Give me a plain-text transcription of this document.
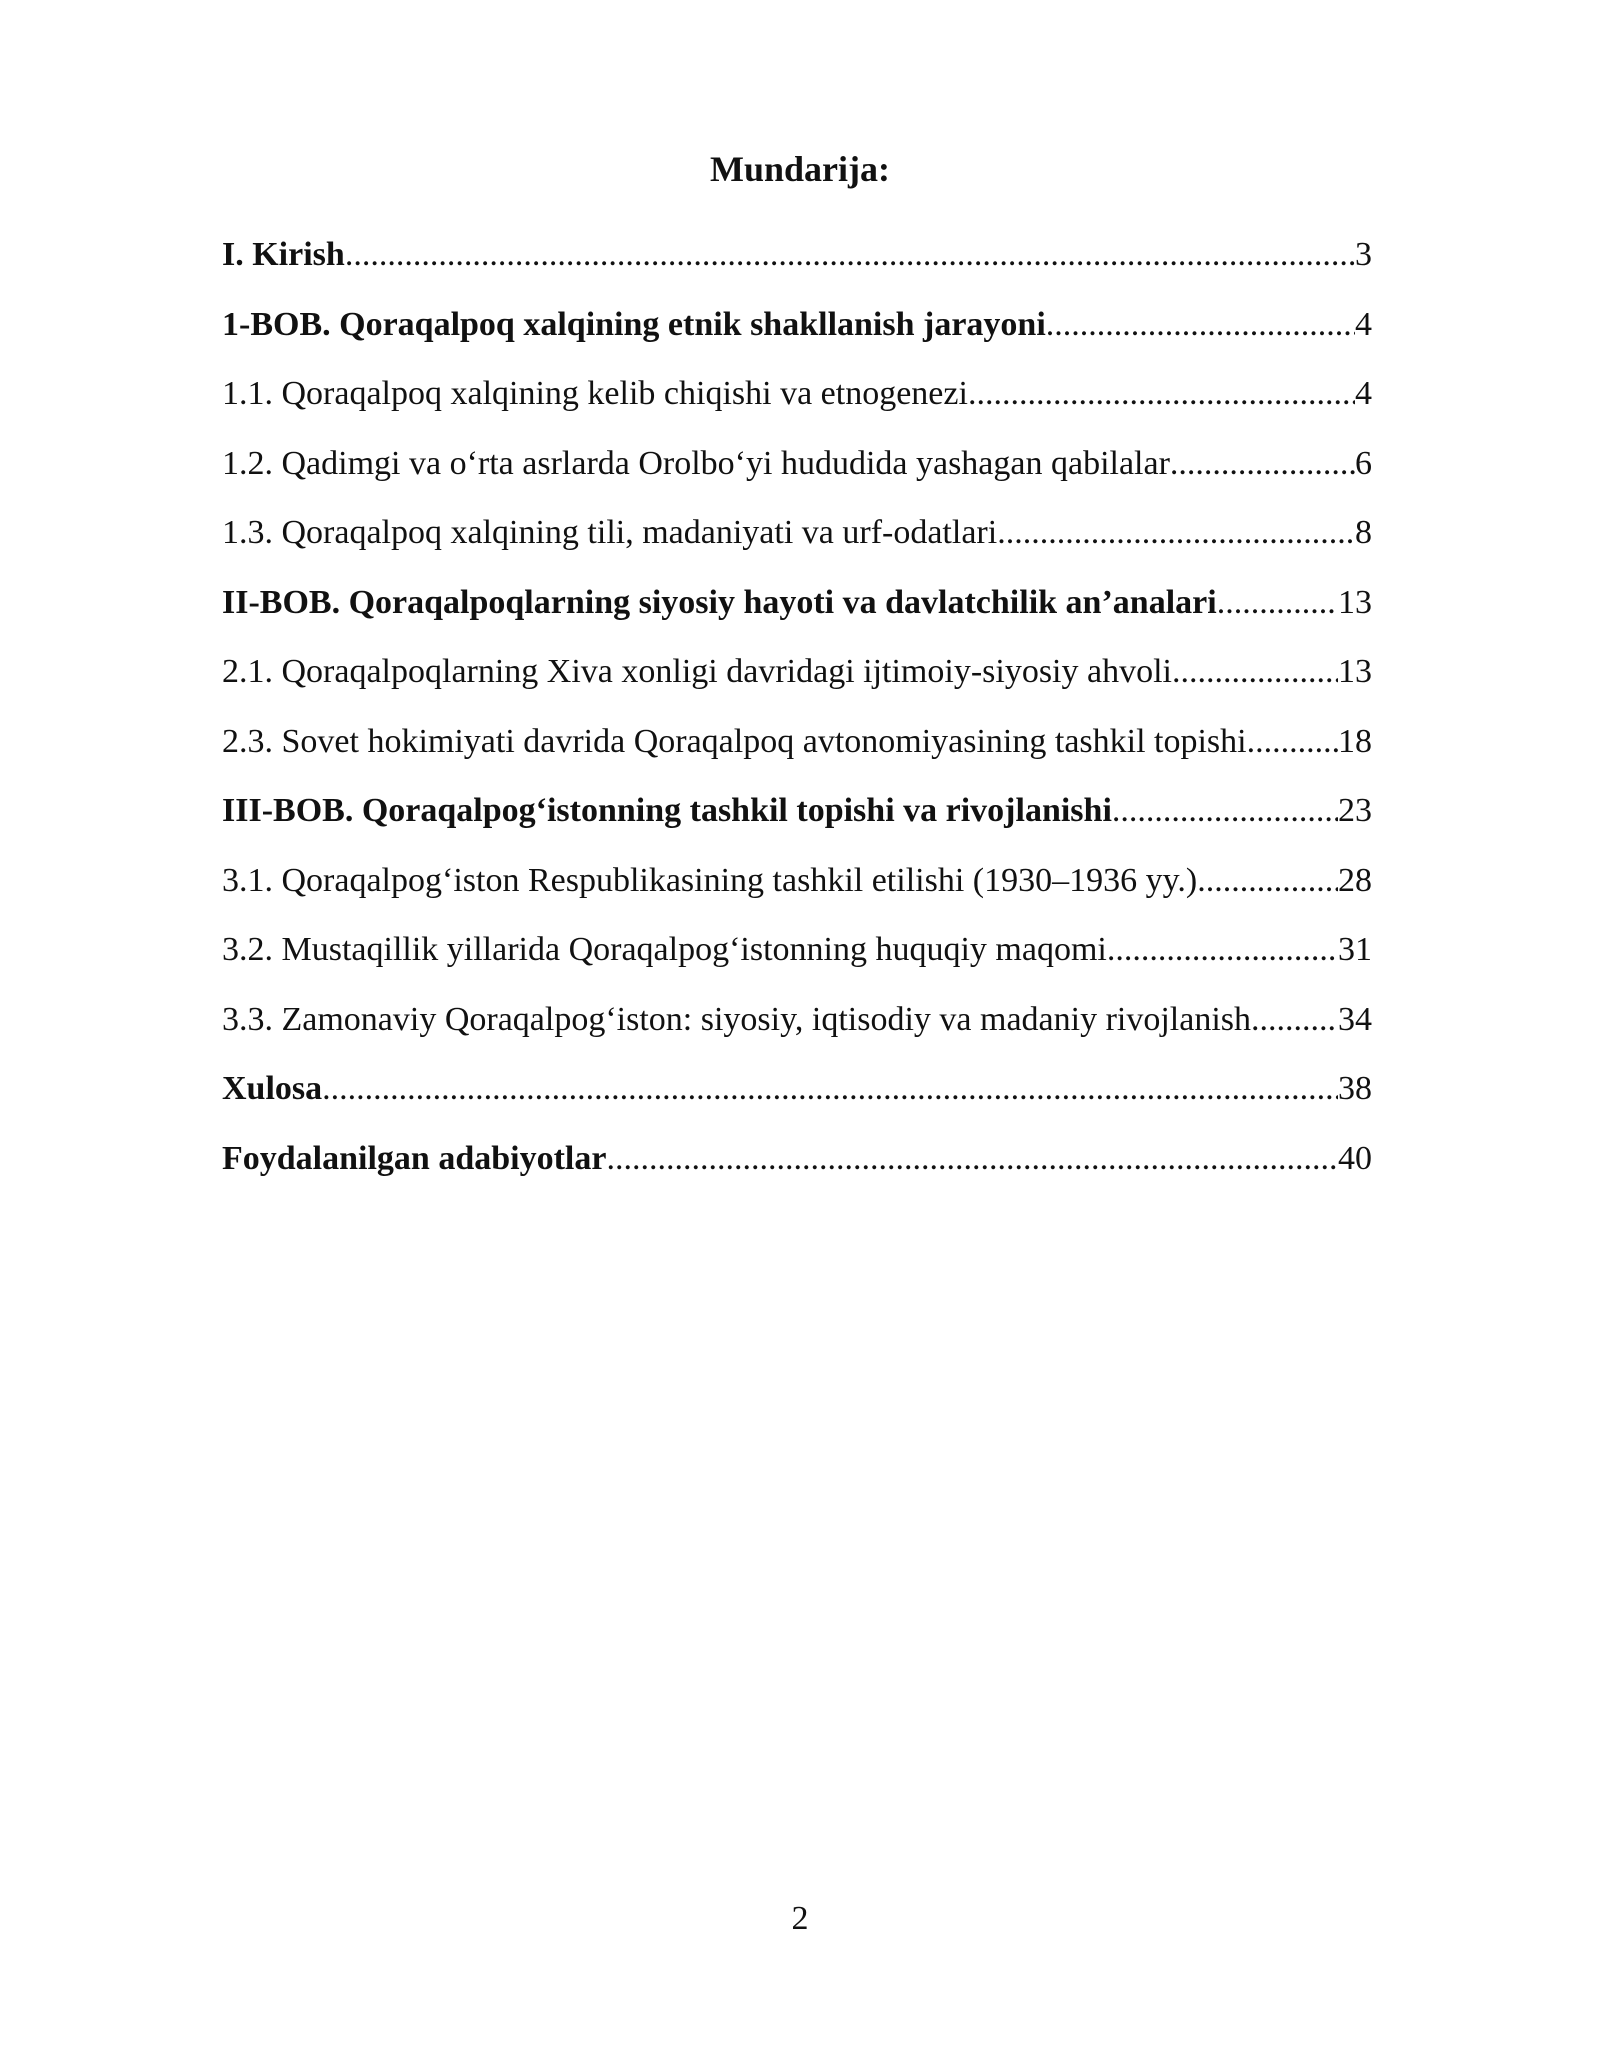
Mundarija:
I. Kirish .....	3
1-BOB. Qoraqalpoq xalqining etnik shakllanish jarayoni .....	4
1.1. Qoraqalpoq xalqining kelib chiqishi va etnogenezi .....	4
1.2. Qadimgi va o‘rta asrlarda Orolbo‘yi hududida yashagan qabilalar .....	6
1.3. Qoraqalpoq xalqining tili, madaniyati va urf-odatlari .....	8
II-BOB. Qoraqalpoqlarning siyosiy hayoti va davlatchilik an’analari .....	13
2.1. Qoraqalpoqlarning Xiva xonligi davridagi ijtimoiy-siyosiy ahvoli .....	13
2.3. Sovet hokimiyati davrida Qoraqalpoq avtonomiyasining tashkil topishi .....	18
III-BOB. Qoraqalpog‘istonning tashkil topishi va rivojlanishi .....	23
3.1. Qoraqalpog‘iston Respublikasining tashkil etilishi (1930–1936 yy.) .....	28
3.2. Mustaqillik yillarida Qoraqalpog‘istonning huquqiy maqomi .....	31
3.3. Zamonaviy Qoraqalpog‘iston: siyosiy, iqtisodiy va madaniy rivojlanish .....	34
Xulosa .....	38
Foydalanilgan adabiyotlar .....	40
2
